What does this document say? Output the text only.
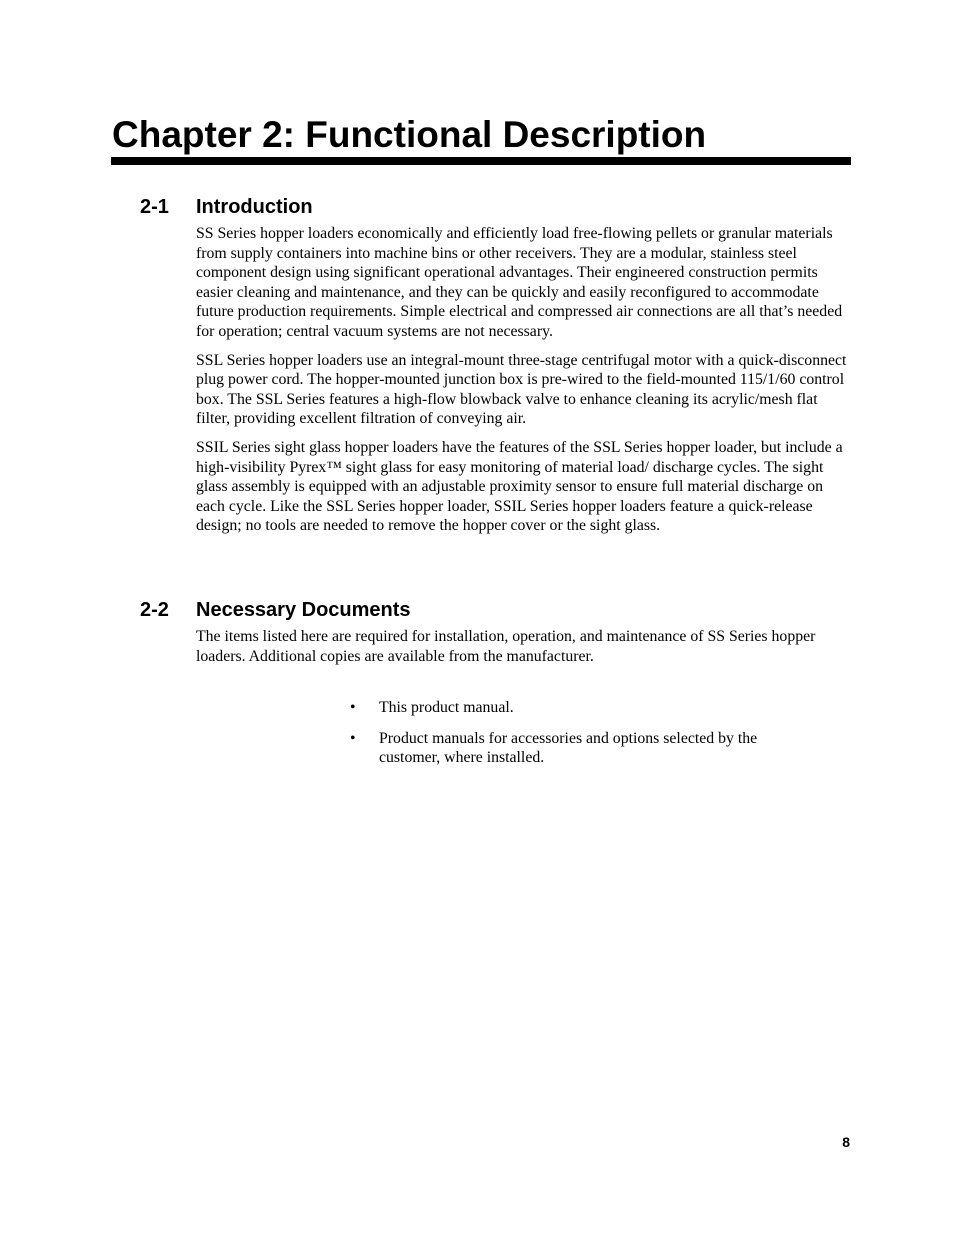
Chapter 2: Functional Description
2-1 Introduction

SS Series hopper loaders economically and efficiently load free-flowing pellets or granular materials from supply containers into machine bins or other receivers. They are a modular, stainless steel component design using significant operational advantages. Their engineered construction permits easier cleaning and maintenance, and they can be quickly and easily reconfigured to accommodate future production requirements. Simple electrical and compressed air connections are all that’s needed for operation; central vacuum systems are not necessary.

SSL Series hopper loaders use an integral-mount three-stage centrifugal motor with a quick-disconnect plug power cord. The hopper-mounted junction box is pre-wired to the field-mounted 115/1/60 control box. The SSL Series features a high-flow blowback valve to enhance cleaning its acrylic/mesh flat filter, providing excellent filtration of conveying air.

SSIL Series sight glass hopper loaders have the features of the SSL Series hopper loader, but include a high-visibility Pyrex™ sight glass for easy monitoring of material load/ discharge cycles. The sight glass assembly is equipped with an adjustable proximity sensor to ensure full material discharge on each cycle. Like the SSL Series hopper loader, SSIL Series hopper loaders feature a quick-release design; no tools are needed to remove the hopper cover or the sight glass.

2-2 Necessary Documents

The items listed here are required for installation, operation, and maintenance of SS Series hopper loaders. Additional copies are available from the manufacturer.

• This product manual.
• Product manuals for accessories and options selected by the customer, where installed.
8
